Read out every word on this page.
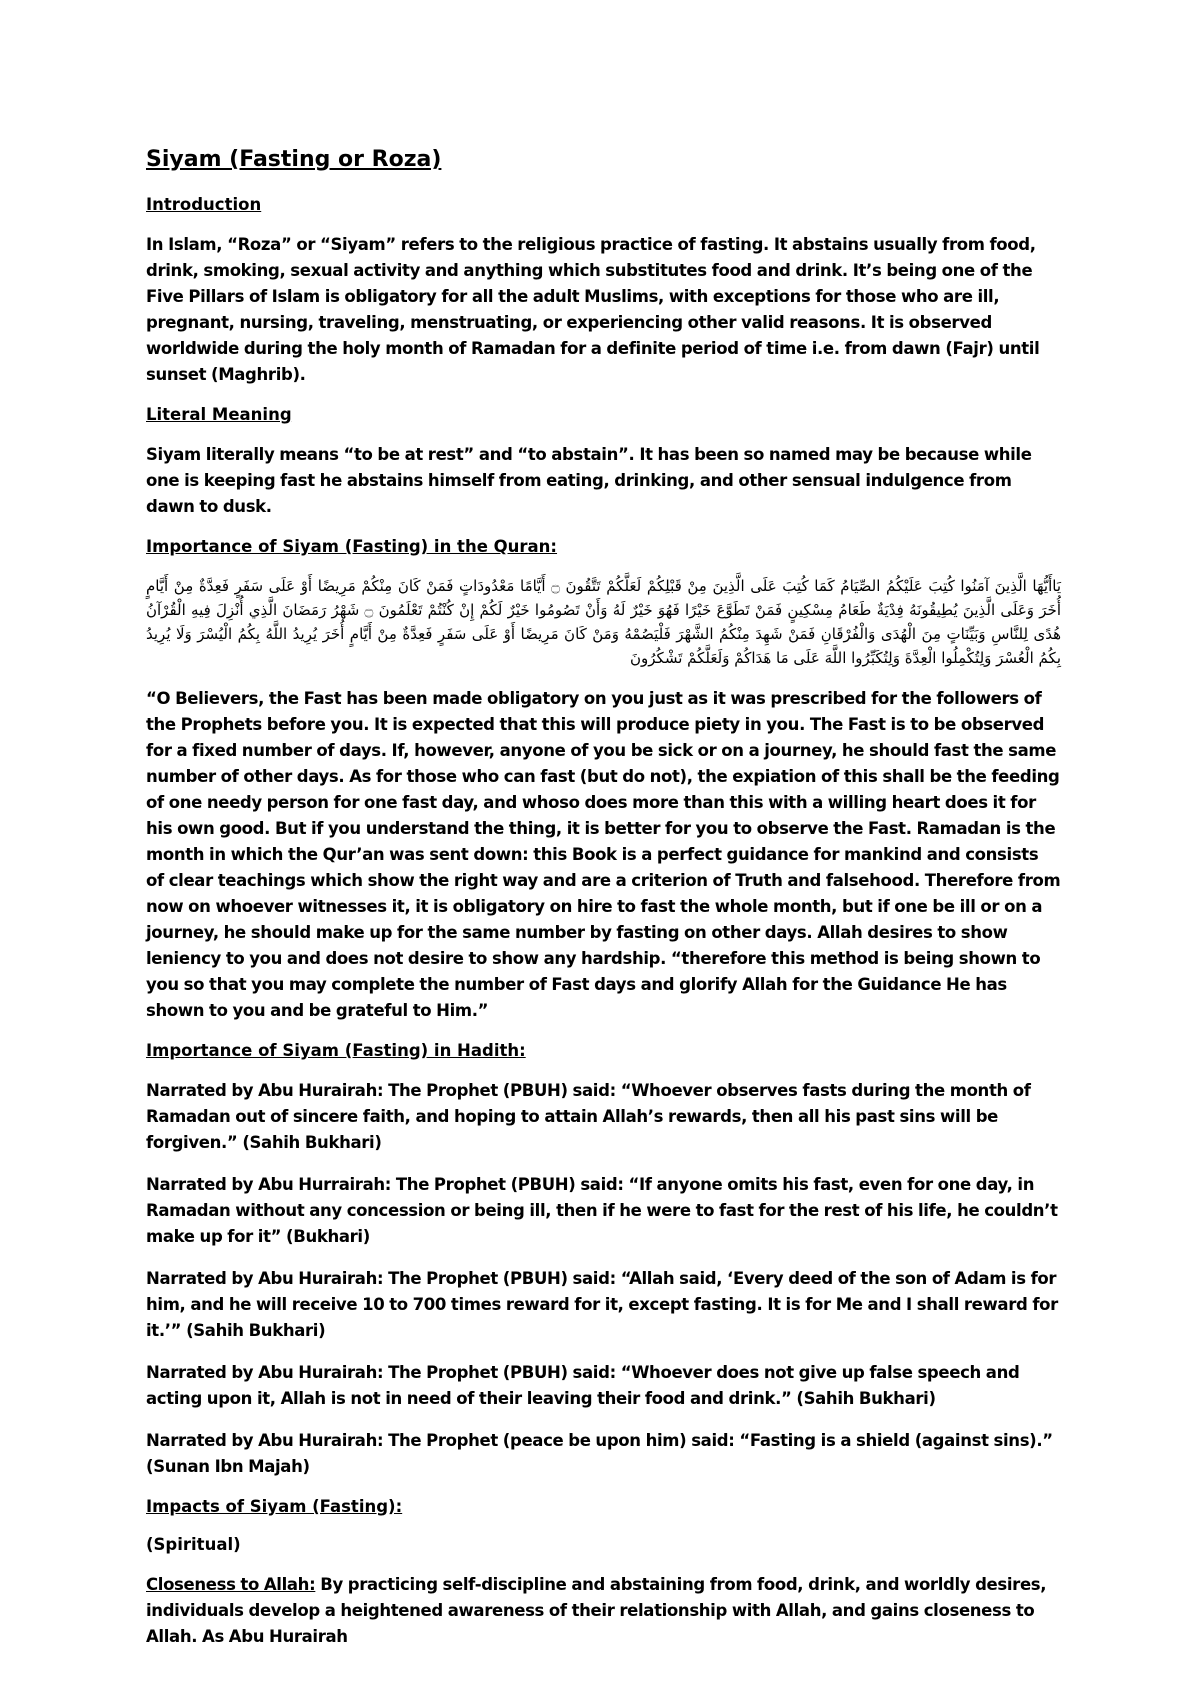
Siyam (Fasting or Roza)
Introduction

In Islam, “Roza” or “Siyam” refers to the religious practice of fasting. It abstains usually from food, drink, smoking, sexual activity and anything which substitutes food and drink. It’s being one of the Five Pillars of Islam is obligatory for all the adult Muslims, with exceptions for those who are ill, pregnant, nursing, traveling, menstruating, or experiencing other valid reasons. It is observed worldwide during the holy month of Ramadan for a definite period of time i.e. from dawn (Fajr) until sunset (Maghrib).

Literal Meaning

Siyam literally means “to be at rest” and “to abstain”. It has been so named may be because while one is keeping fast he abstains himself from eating, drinking, and other sensual indulgence from dawn to dusk.

Importance of Siyam (Fasting) in the Quran:

يَاأَيُّهَا الَّذِينَ آمَنُوا كُتِبَ عَلَيْكُمُ الصِّيَامُ كَمَا كُتِبَ عَلَى الَّذِينَ مِنْ قَبْلِكُمْ لَعَلَّكُمْ تَتَّقُونَ ۝ أَيَّامًا مَعْدُودَاتٍ فَمَنْ كَانَ مِنْكُمْ مَرِيضًا أَوْ عَلَى سَفَرٍ فَعِدَّةٌ مِنْ أَيَّامٍ أُخَرَ وَعَلَى الَّذِينَ يُطِيقُونَهُ فِدْيَةٌ طَعَامُ مِسْكِينٍ فَمَنْ تَطَوَّعَ خَيْرًا فَهُوَ خَيْرٌ لَهُ وَأَنْ تَصُومُوا خَيْرٌ لَكُمْ إِنْ كُنْتُمْ تَعْلَمُونَ ۝ شَهْرُ رَمَضَانَ الَّذِي أُنْزِلَ فِيهِ الْقُرْآنُ هُدًى لِلنَّاسِ وَبَيِّنَاتٍ مِنَ الْهُدَى وَالْفُرْقَانِ فَمَنْ شَهِدَ مِنْكُمُ الشَّهْرَ فَلْيَصُمْهُ وَمَنْ كَانَ مَرِيضًا أَوْ عَلَى سَفَرٍ فَعِدَّةٌ مِنْ أَيَّامٍ أُخَرَ يُرِيدُ اللَّهُ بِكُمُ الْيُسْرَ وَلَا يُرِيدُ بِكُمُ الْعُسْرَ وَلِتُكْمِلُوا الْعِدَّةَ وَلِتُكَبِّرُوا اللَّهَ عَلَى مَا هَدَاكُمْ وَلَعَلَّكُمْ تَشْكُرُونَ

“O Believers, the Fast has been made obligatory on you just as it was prescribed for the followers of the Prophets before you. It is expected that this will produce piety in you. The Fast is to be observed for a fixed number of days. If, however, anyone of you be sick or on a journey, he should fast the same number of other days. As for those who can fast (but do not), the expiation of this shall be the feeding of one needy person for one fast day, and whoso does more than this with a willing heart does it for his own good. But if you understand the thing, it is better for you to observe the Fast. Ramadan is the month in which the Qur’an was sent down: this Book is a perfect guidance for mankind and consists of clear teachings which show the right way and are a criterion of Truth and falsehood. Therefore from now on whoever witnesses it, it is obligatory on hire to fast the whole month, but if one be ill or on a journey, he should make up for the same number by fasting on other days. Allah desires to show leniency to you and does not desire to show any hardship. “therefore this method is being shown to you so that you may complete the number of Fast days and glorify Allah for the Guidance He has shown to you and be grateful to Him.”

Importance of Siyam (Fasting) in Hadith:

Narrated by Abu Hurairah: The Prophet (PBUH) said: “Whoever observes fasts during the month of Ramadan out of sincere faith, and hoping to attain Allah’s rewards, then all his past sins will be forgiven.” (Sahih Bukhari)

Narrated by Abu Hurrairah: The Prophet (PBUH) said: “If anyone omits his fast, even for one day, in Ramadan without any concession or being ill, then if he were to fast for the rest of his life, he couldn’t make up for it” (Bukhari)

Narrated by Abu Hurairah: The Prophet (PBUH) said: “Allah said, ‘Every deed of the son of Adam is for him, and he will receive 10 to 700 times reward for it, except fasting. It is for Me and I shall reward for it.’” (Sahih Bukhari)

Narrated by Abu Hurairah: The Prophet (PBUH) said: “Whoever does not give up false speech and acting upon it, Allah is not in need of their leaving their food and drink.” (Sahih Bukhari)

Narrated by Abu Hurairah: The Prophet (peace be upon him) said: “Fasting is a shield (against sins).” (Sunan Ibn Majah)

Impacts of Siyam (Fasting):
(Spiritual)

Closeness to Allah: By practicing self-discipline and abstaining from food, drink, and worldly desires, individuals develop a heightened awareness of their relationship with Allah, and gains closeness to Allah. As Abu Hurairah
